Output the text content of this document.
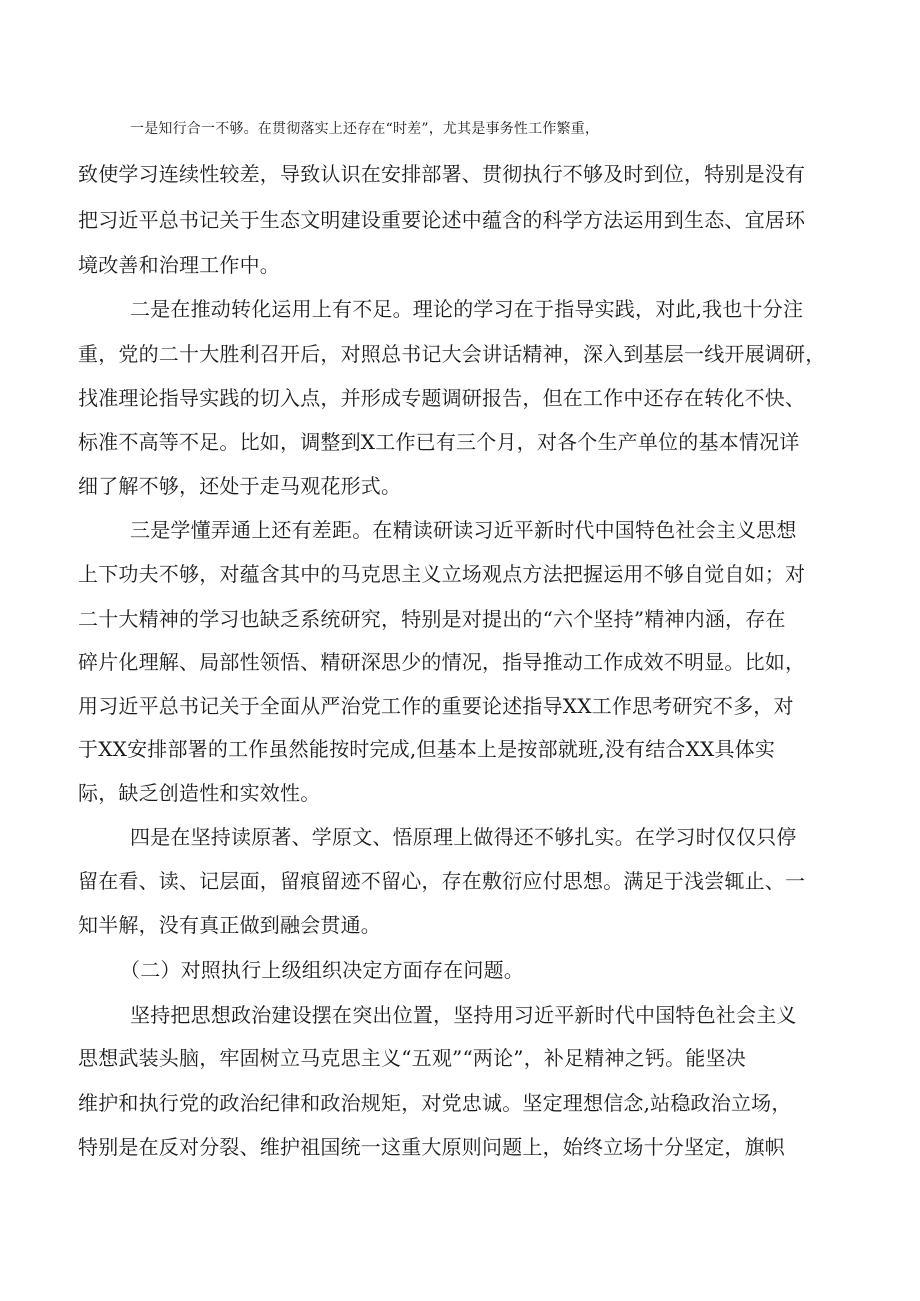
一是知行合一不够。在贯彻落实上还存在“时差”，尤其是事务性工作繁重，
致使学习连续性较差，导致认识在安排部署、贯彻执行不够及时到位，特别是没有
把习近平总书记关于生态文明建设重要论述中蕴含的科学方法运用到生态、宜居环
境改善和治理工作中。
二是在推动转化运用上有不足。理论的学习在于指导实践，对此,我也十分注
重，党的二十大胜利召开后，对照总书记大会讲话精神，深入到基层一线开展调研，
找准理论指导实践的切入点，并形成专题调研报告，但在工作中还存在转化不快、
标准不高等不足。比如，调整到X工作已有三个月，对各个生产单位的基本情况详
细了解不够，还处于走马观花形式。
三是学懂弄通上还有差距。在精读研读习近平新时代中国特色社会主义思想
上下功夫不够，对蕴含其中的马克思主义立场观点方法把握运用不够自觉自如；对
二十大精神的学习也缺乏系统研究，特别是对提出的“六个坚持”精神内涵，存在
碎片化理解、局部性领悟、精研深思少的情况，指导推动工作成效不明显。比如，
用习近平总书记关于全面从严治党工作的重要论述指导XX工作思考研究不多，对
于XX安排部署的工作虽然能按时完成,但基本上是按部就班,没有结合XX具体实
际，缺乏创造性和实效性。
四是在坚持读原著、学原文、悟原理上做得还不够扎实。在学习时仅仅只停
留在看、读、记层面，留痕留迹不留心，存在敷衍应付思想。满足于浅尝辄止、一
知半解，没有真正做到融会贯通。
（二）对照执行上级组织决定方面存在问题。
坚持把思想政治建设摆在突出位置，坚持用习近平新时代中国特色社会主义
思想武装头脑，牢固树立马克思主义“五观”“两论”，补足精神之钙。能坚决
维护和执行党的政治纪律和政治规矩，对党忠诚。坚定理想信念,站稳政治立场，
特别是在反对分裂、维护祖国统一这重大原则问题上，始终立场十分坚定，旗帜
